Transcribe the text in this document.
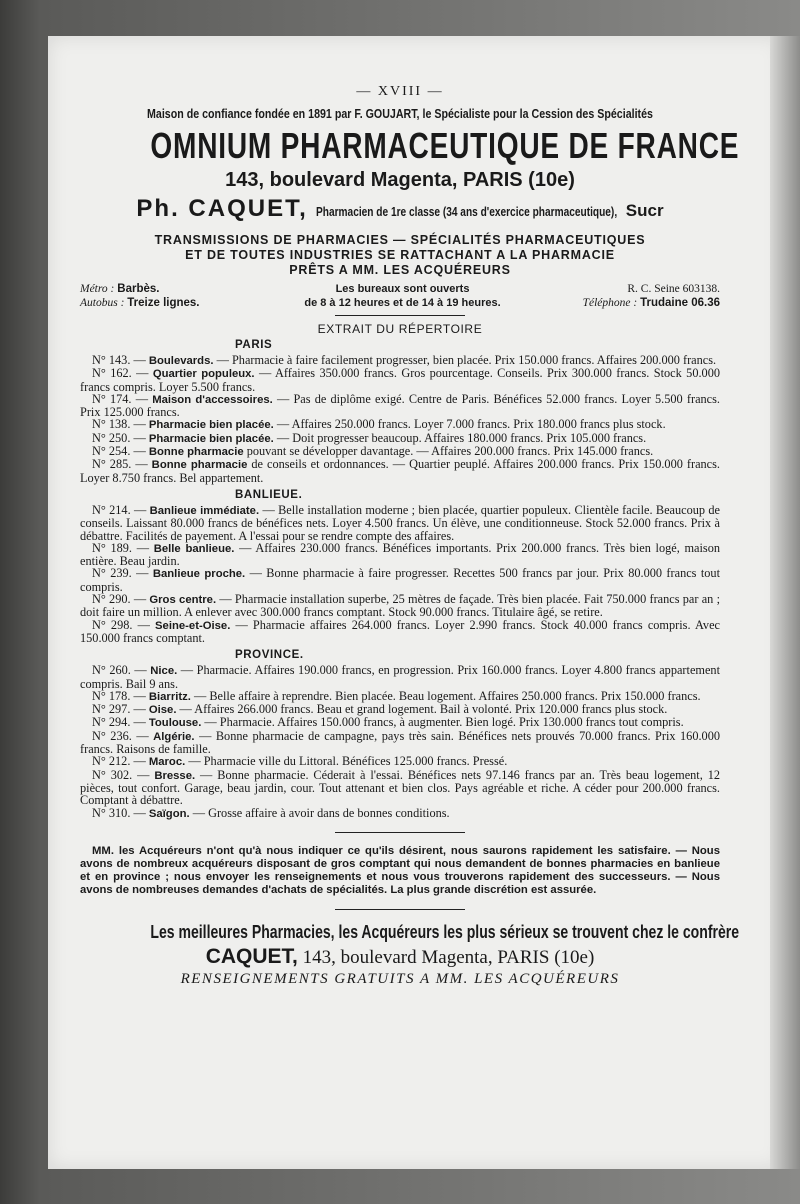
— XVIII —
Maison de confiance fondée en 1891 par F. GOUJART, le Spécialiste pour la Cession des Spécialités
OMNIUM PHARMACEUTIQUE DE FRANCE
143, boulevard Magenta, PARIS (10e)
Ph. CAQUET, Pharmacien de 1re classe (34 ans d'exercice pharmaceutique), Sucr
TRANSMISSIONS DE PHARMACIES — SPÉCIALITÉS PHARMACEUTIQUES
ET DE TOUTES INDUSTRIES SE RATTACHANT A LA PHARMACIE
PRÊTS A MM. LES ACQUÉREURS
Métro : Barbès.
Autobus : Treize lignes.
Les bureaux sont ouverts
de 8 à 12 heures et de 14 à 19 heures.
R. C. Seine 603138.
Téléphone : Trudaine 06.36
EXTRAIT DU RÉPERTOIRE
PARIS

N° 143. — Boulevards. — Pharmacie à faire facilement progresser, bien placée. Prix 150.000 francs. Affaires 200.000 francs.

N° 162. — Quartier populeux. — Affaires 350.000 francs. Gros pourcentage. Conseils. Prix 300.000 francs. Stock 50.000 francs compris. Loyer 5.500 francs.

N° 174. — Maison d'accessoires. — Pas de diplôme exigé. Centre de Paris. Bénéfices 52.000 francs. Loyer 5.500 francs. Prix 125.000 francs.

N° 138. — Pharmacie bien placée. — Affaires 250.000 francs. Loyer 7.000 francs. Prix 180.000 francs plus stock.

N° 250. — Pharmacie bien placée. — Doit progresser beaucoup. Affaires 180.000 francs. Prix 105.000 francs.

N° 254. — Bonne pharmacie pouvant se développer davantage. — Affaires 200.000 francs. Prix 145.000 francs.

N° 285. — Bonne pharmacie de conseils et ordonnances. — Quartier peuplé. Affaires 200.000 francs. Prix 150.000 francs. Loyer 8.750 francs. Bel appartement.

BANLIEUE.

N° 214. — Banlieue immédiate. — Belle installation moderne ; bien placée, quartier populeux. Clientèle facile. Beaucoup de conseils. Laissant 80.000 francs de bénéfices nets. Loyer 4.500 francs. Un élève, une conditionneuse. Stock 52.000 francs. Prix à débattre. Facilités de payement. A l'essai pour se rendre compte des affaires.

N° 189. — Belle banlieue. — Affaires 230.000 francs. Bénéfices importants. Prix 200.000 francs. Très bien logé, maison entière. Beau jardin.

N° 239. — Banlieue proche. — Bonne pharmacie à faire progresser. Recettes 500 francs par jour. Prix 80.000 francs tout compris.

N° 290. — Gros centre. — Pharmacie installation superbe, 25 mètres de façade. Très bien placée. Fait 750.000 francs par an ; doit faire un million. A enlever avec 300.000 francs comptant. Stock 90.000 francs. Titulaire âgé, se retire.

N° 298. — Seine-et-Oise. — Pharmacie affaires 264.000 francs. Loyer 2.990 francs. Stock 40.000 francs compris. Avec 150.000 francs comptant.

PROVINCE.

N° 260. — Nice. — Pharmacie. Affaires 190.000 francs, en progression. Prix 160.000 francs. Loyer 4.800 francs appartement compris. Bail 9 ans.

N° 178. — Biarritz. — Belle affaire à reprendre. Bien placée. Beau logement. Affaires 250.000 francs. Prix 150.000 francs.

N° 297. — Oise. — Affaires 266.000 francs. Beau et grand logement. Bail à volonté. Prix 120.000 francs plus stock.

N° 294. — Toulouse. — Pharmacie. Affaires 150.000 francs, à augmenter. Bien logé. Prix 130.000 francs tout compris.

N° 236. — Algérie. — Bonne pharmacie de campagne, pays très sain. Bénéfices nets prouvés 70.000 francs. Prix 160.000 francs. Raisons de famille.

N° 212. — Maroc. — Pharmacie ville du Littoral. Bénéfices 125.000 francs. Pressé.

N° 302. — Bresse. — Bonne pharmacie. Céderait à l'essai. Bénéfices nets 97.146 francs par an. Très beau logement, 12 pièces, tout confort. Garage, beau jardin, cour. Tout attenant et bien clos. Pays agréable et riche. A céder pour 200.000 francs. Comptant à débattre.

N° 310. — Saïgon. — Grosse affaire à avoir dans de bonnes conditions.

MM. les Acquéreurs n'ont qu'à nous indiquer ce qu'ils désirent, nous saurons rapidement les satisfaire. — Nous avons de nombreux acquéreurs disposant de gros comptant qui nous demandent de bonnes pharmacies en banlieue et en province ; nous envoyer les renseignements et nous vous trouverons rapidement des successeurs. — Nous avons de nombreuses demandes d'achats de spécialités. La plus grande discrétion est assurée.
Les meilleures Pharmacies, les Acquéreurs les plus sérieux se trouvent chez le confrère
CAQUET, 143, boulevard Magenta, PARIS (10e)
RENSEIGNEMENTS GRATUITS A MM. LES ACQUÉREURS
